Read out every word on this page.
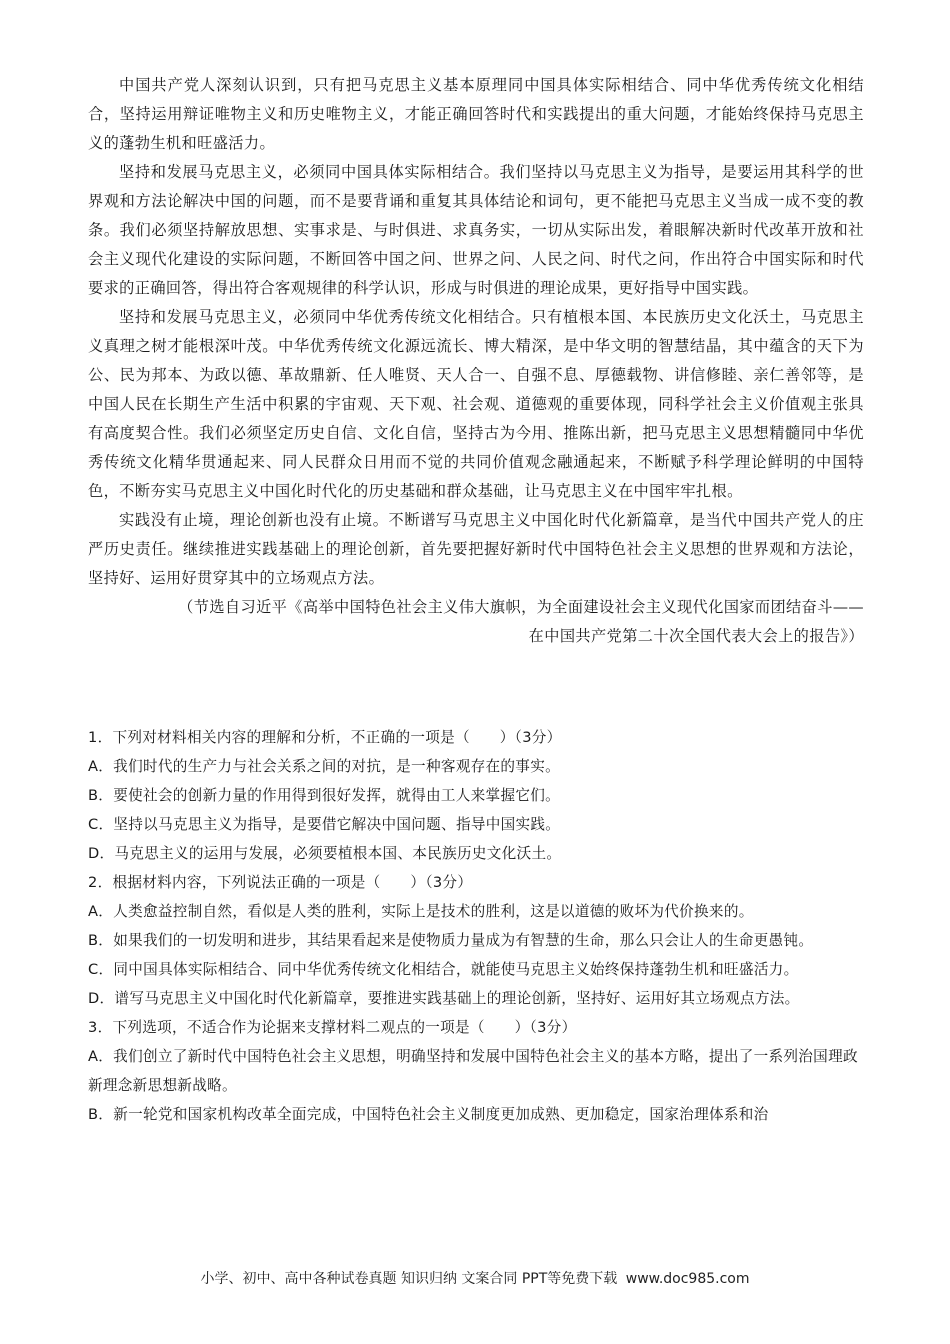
中国共产党人深刻认识到，只有把马克思主义基本原理同中国具体实际相结合、同中华优秀传统文化相结合，坚持运用辩证唯物主义和历史唯物主义，才能正确回答时代和实践提出的重大问题，才能始终保持马克思主义的蓬勃生机和旺盛活力。

坚持和发展马克思主义，必须同中国具体实际相结合。我们坚持以马克思主义为指导，是要运用其科学的世界观和方法论解决中国的问题，而不是要背诵和重复其具体结论和词句，更不能把马克思主义当成一成不变的教条。我们必须坚持解放思想、实事求是、与时俱进、求真务实，一切从实际出发，着眼解决新时代改革开放和社会主义现代化建设的实际问题，不断回答中国之问、世界之问、人民之问、时代之问，作出符合中国实际和时代要求的正确回答，得出符合客观规律的科学认识，形成与时俱进的理论成果，更好指导中国实践。

坚持和发展马克思主义，必须同中华优秀传统文化相结合。只有植根本国、本民族历史文化沃土，马克思主义真理之树才能根深叶茂。中华优秀传统文化源远流长、博大精深，是中华文明的智慧结晶，其中蕴含的天下为公、民为邦本、为政以德、革故鼎新、任人唯贤、天人合一、自强不息、厚德载物、讲信修睦、亲仁善邻等，是中国人民在长期生产生活中积累的宇宙观、天下观、社会观、道德观的重要体现，同科学社会主义价值观主张具有高度契合性。我们必须坚定历史自信、文化自信，坚持古为今用、推陈出新，把马克思主义思想精髓同中华优秀传统文化精华贯通起来、同人民群众日用而不觉的共同价值观念融通起来，不断赋予科学理论鲜明的中国特色，不断夯实马克思主义中国化时代化的历史基础和群众基础，让马克思主义在中国牢牢扎根。

实践没有止境，理论创新也没有止境。不断谱写马克思主义中国化时代化新篇章，是当代中国共产党人的庄严历史责任。继续推进实践基础上的理论创新，首先要把握好新时代中国特色社会主义思想的世界观和方法论，坚持好、运用好贯穿其中的立场观点方法。

（节选自习近平《高举中国特色社会主义伟大旗帜，为全面建设社会主义现代化国家而团结奋斗——
在中国共产党第二十次全国代表大会上的报告》）

1．下列对材料相关内容的理解和分析，不正确的一项是（　　）（3分）

A．我们时代的生产力与社会关系之间的对抗，是一种客观存在的事实。

B．要使社会的创新力量的作用得到很好发挥，就得由工人来掌握它们。

C．坚持以马克思主义为指导，是要借它解决中国问题、指导中国实践。

D．马克思主义的运用与发展，必须要植根本国、本民族历史文化沃土。

2．根据材料内容，下列说法正确的一项是（　　）（3分）

A．人类愈益控制自然，看似是人类的胜利，实际上是技术的胜利，这是以道德的败坏为代价换来的。

B．如果我们的一切发明和进步，其结果看起来是使物质力量成为有智慧的生命，那么只会让人的生命更愚钝。

C．同中国具体实际相结合、同中华优秀传统文化相结合，就能使马克思主义始终保持蓬勃生机和旺盛活力。

D．谱写马克思主义中国化时代化新篇章，要推进实践基础上的理论创新，坚持好、运用好其立场观点方法。

3．下列选项，不适合作为论据来支撑材料二观点的一项是（　　）（3分）

A．我们创立了新时代中国特色社会主义思想，明确坚持和发展中国特色社会主义的基本方略，提出了一系列治国理政新理念新思想新战略。

B．新一轮党和国家机构改革全面完成，中国特色社会主义制度更加成熟、更加稳定，国家治理体系和治

小学、初中、高中各种试卷真题 知识归纳 文案合同 PPT等免费下载 www.doc985.com
